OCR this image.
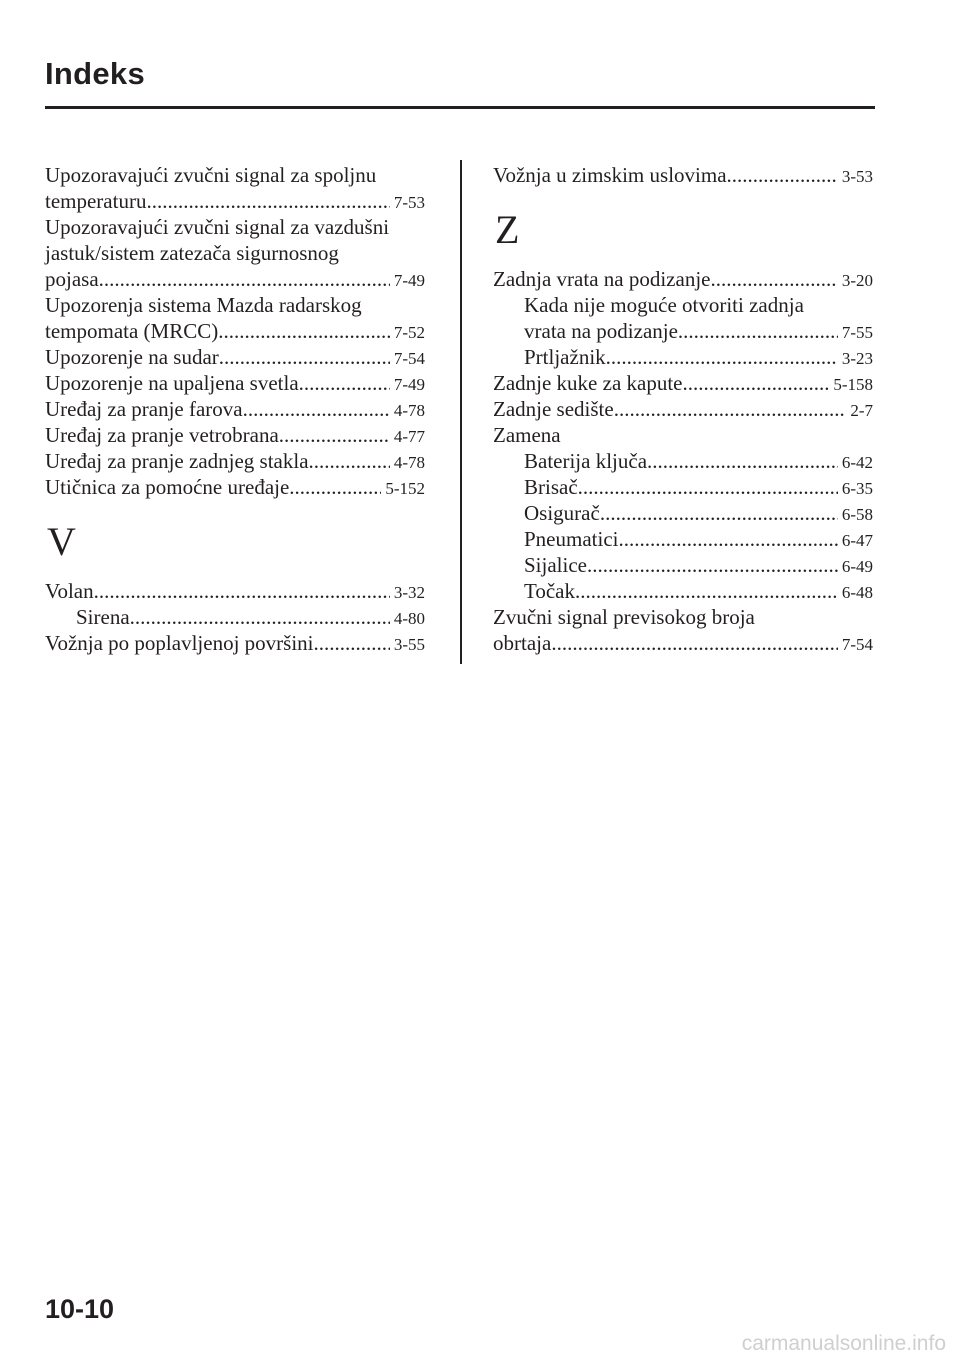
Indeks
Upozoravajući zvučni signal za spoljnu
temperaturu .....	7-53
Upozoravajući zvučni signal za vazdušni
jastuk/sistem zatezača sigurnosnog
pojasa .....	7-49
Upozorenja sistema Mazda radarskog
tempomata (MRCC) .....	7-52
Upozorenje na sudar .....	7-54
Upozorenje na upaljena svetla .....	7-49
Uređaj za pranje farova .....	4-78
Uređaj za pranje vetrobrana .....	4-77
Uređaj za pranje zadnjeg stakla .....	4-78
Utičnica za pomoćne uređaje .....	5-152
V
Volan .....	3-32
Sirena .....	4-80
Vožnja po poplavljenoj površini .....	3-55
Vožnja u zimskim uslovima .....	3-53
Z
Zadnja vrata na podizanje .....	3-20
Kada nije moguće otvoriti zadnja
vrata na podizanje .....	7-55
Prtljažnik .....	3-23
Zadnje kuke za kapute .....	5-158
Zadnje sedište .....	2-7
Zamena
Baterija ključa .....	6-42
Brisač .....	6-35
Osigurač .....	6-58
Pneumatici .....	6-47
Sijalice .....	6-49
Točak .....	6-48
Zvučni signal previsokog broja
obrtaja .....	7-54
10-10
carmanualsonline.info
